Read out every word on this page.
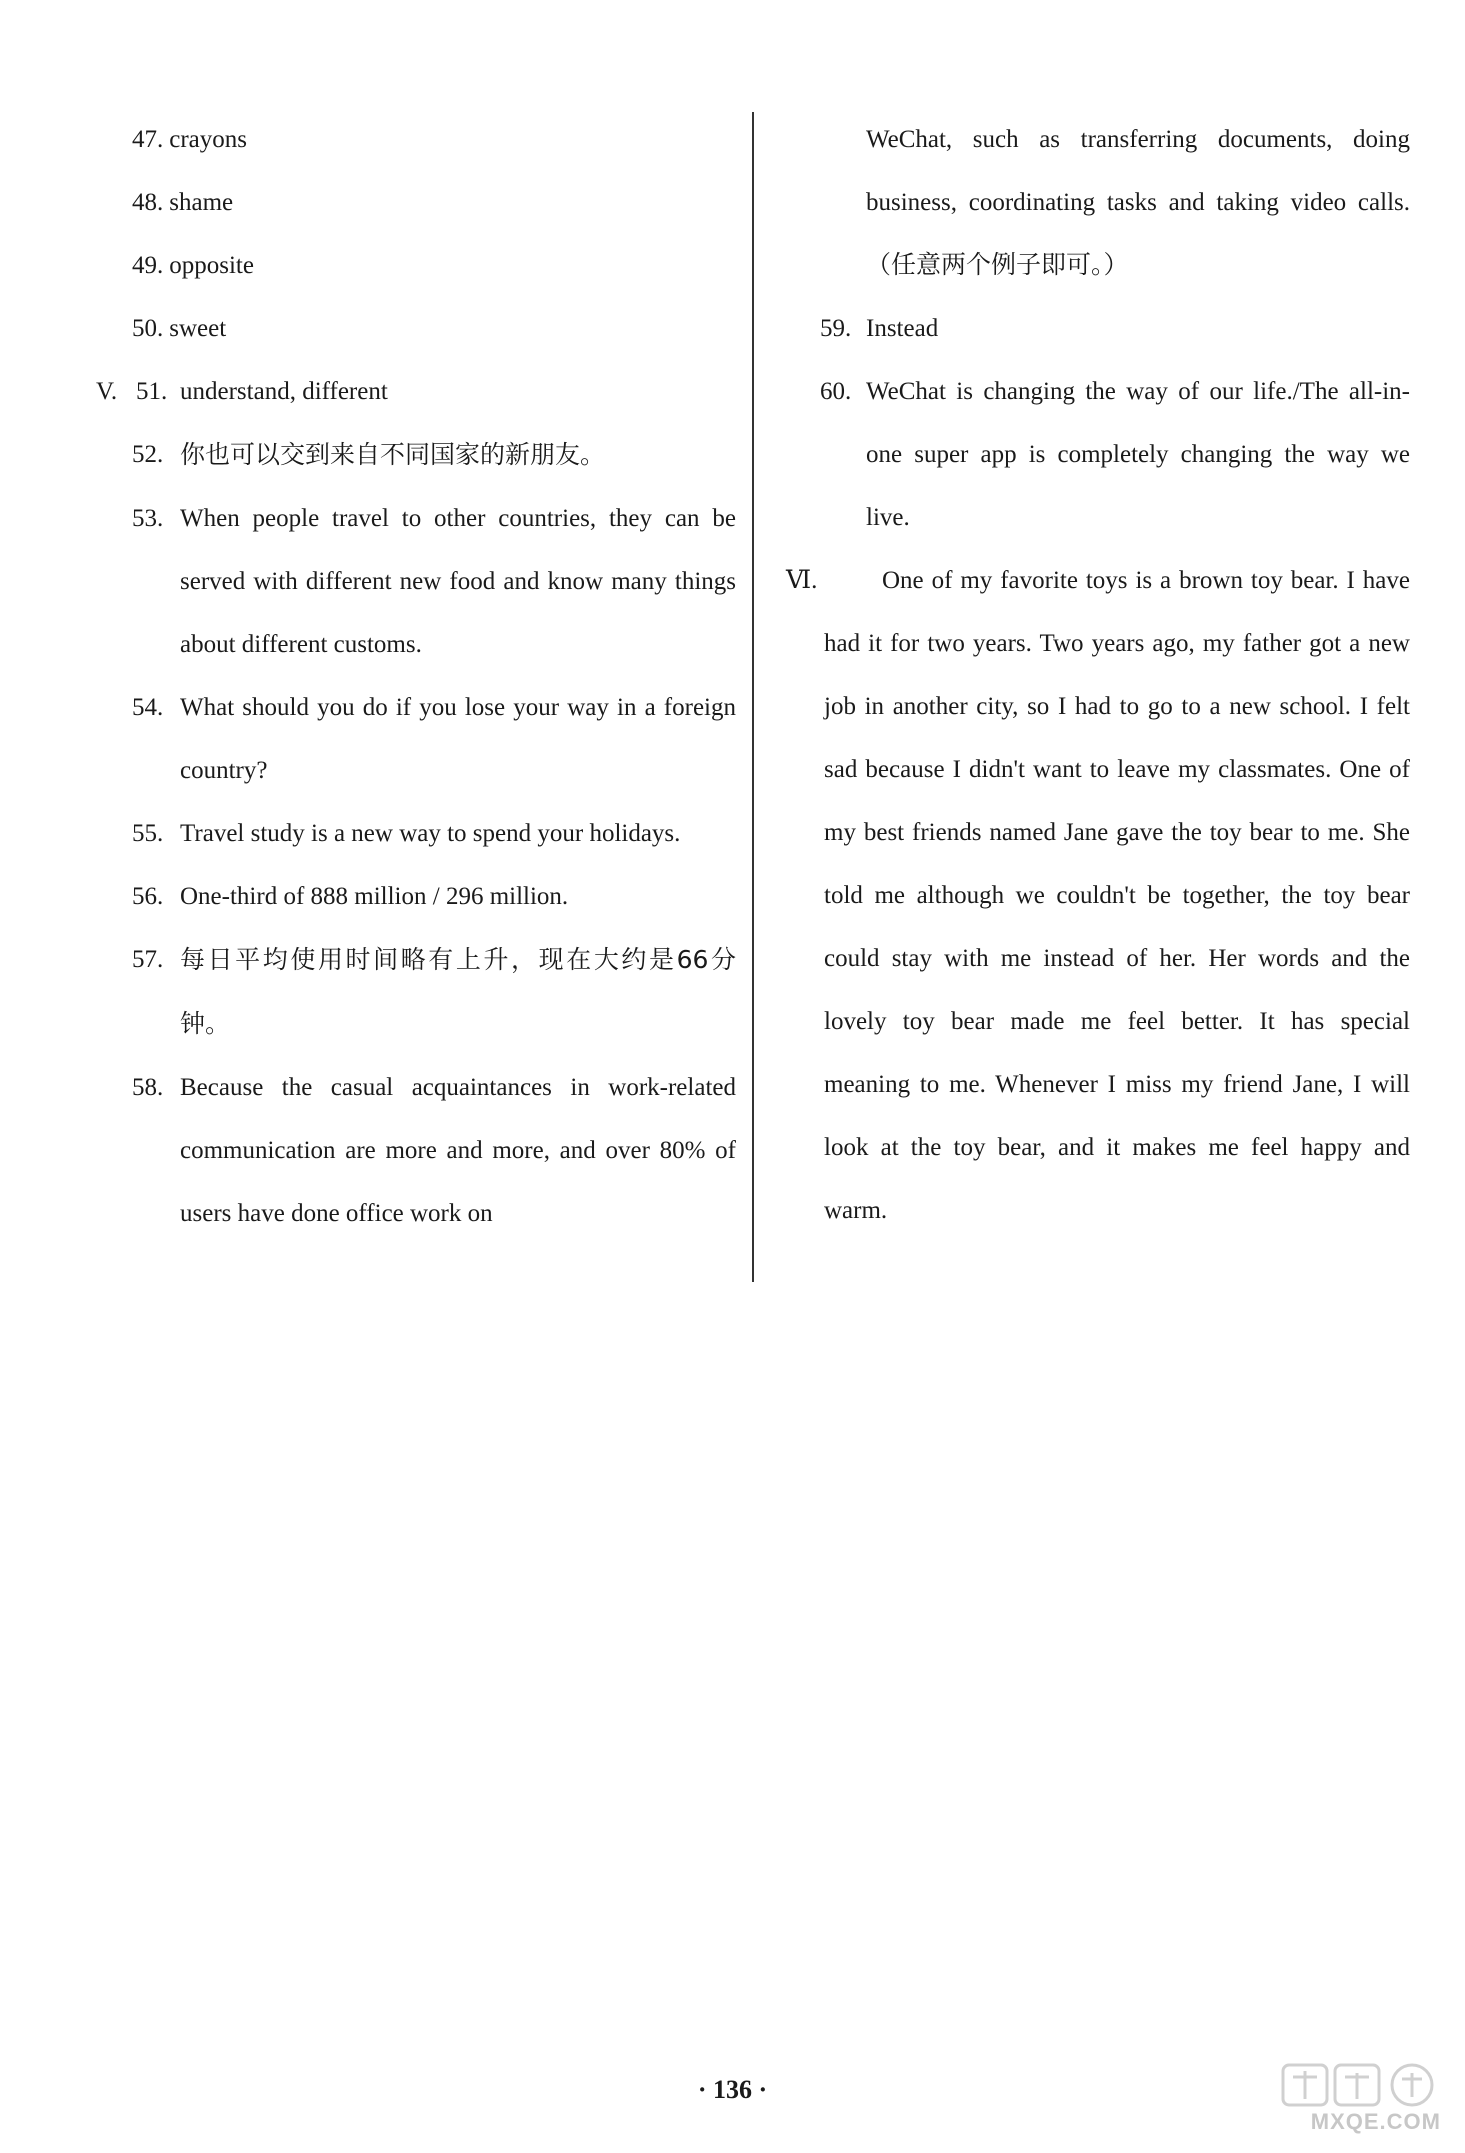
47. crayons
48. shame
49. opposite
50. sweet
V. 51. understand, different
52. 你也可以交到来自不同国家的新朋友。
53. When people travel to other countries, they can be served with different new food and know many things about different customs.
54. What should you do if you lose your way in a foreign country?
55. Travel study is a new way to spend your holidays.
56. One-third of 888 million / 296 million.
57. 每日平均使用时间略有上升，现在大约是66分钟。
58. Because the casual acquaintances in work-related communication are more and more, and over 80% of users have done office work on
WeChat, such as transferring documents, doing business, coordinating tasks and taking video calls.（任意两个例子即可。）
59. Instead
60. WeChat is changing the way of our life./The all-in-one super app is completely changing the way we live.
Ⅵ.	One of my favorite toys is a brown toy bear. I have had it for two years. Two years ago, my father got a new job in another city, so I had to go to a new school. I felt sad because I didn't want to leave my classmates. One of my best friends named Jane gave the toy bear to me. She told me although we couldn't be together, the toy bear could stay with me instead of her. Her words and the lovely toy bear made me feel better. It has special meaning to me. Whenever I miss my friend Jane, I will look at the toy bear, and it makes me feel happy and warm.
· 136 ·
MXQE.COM
